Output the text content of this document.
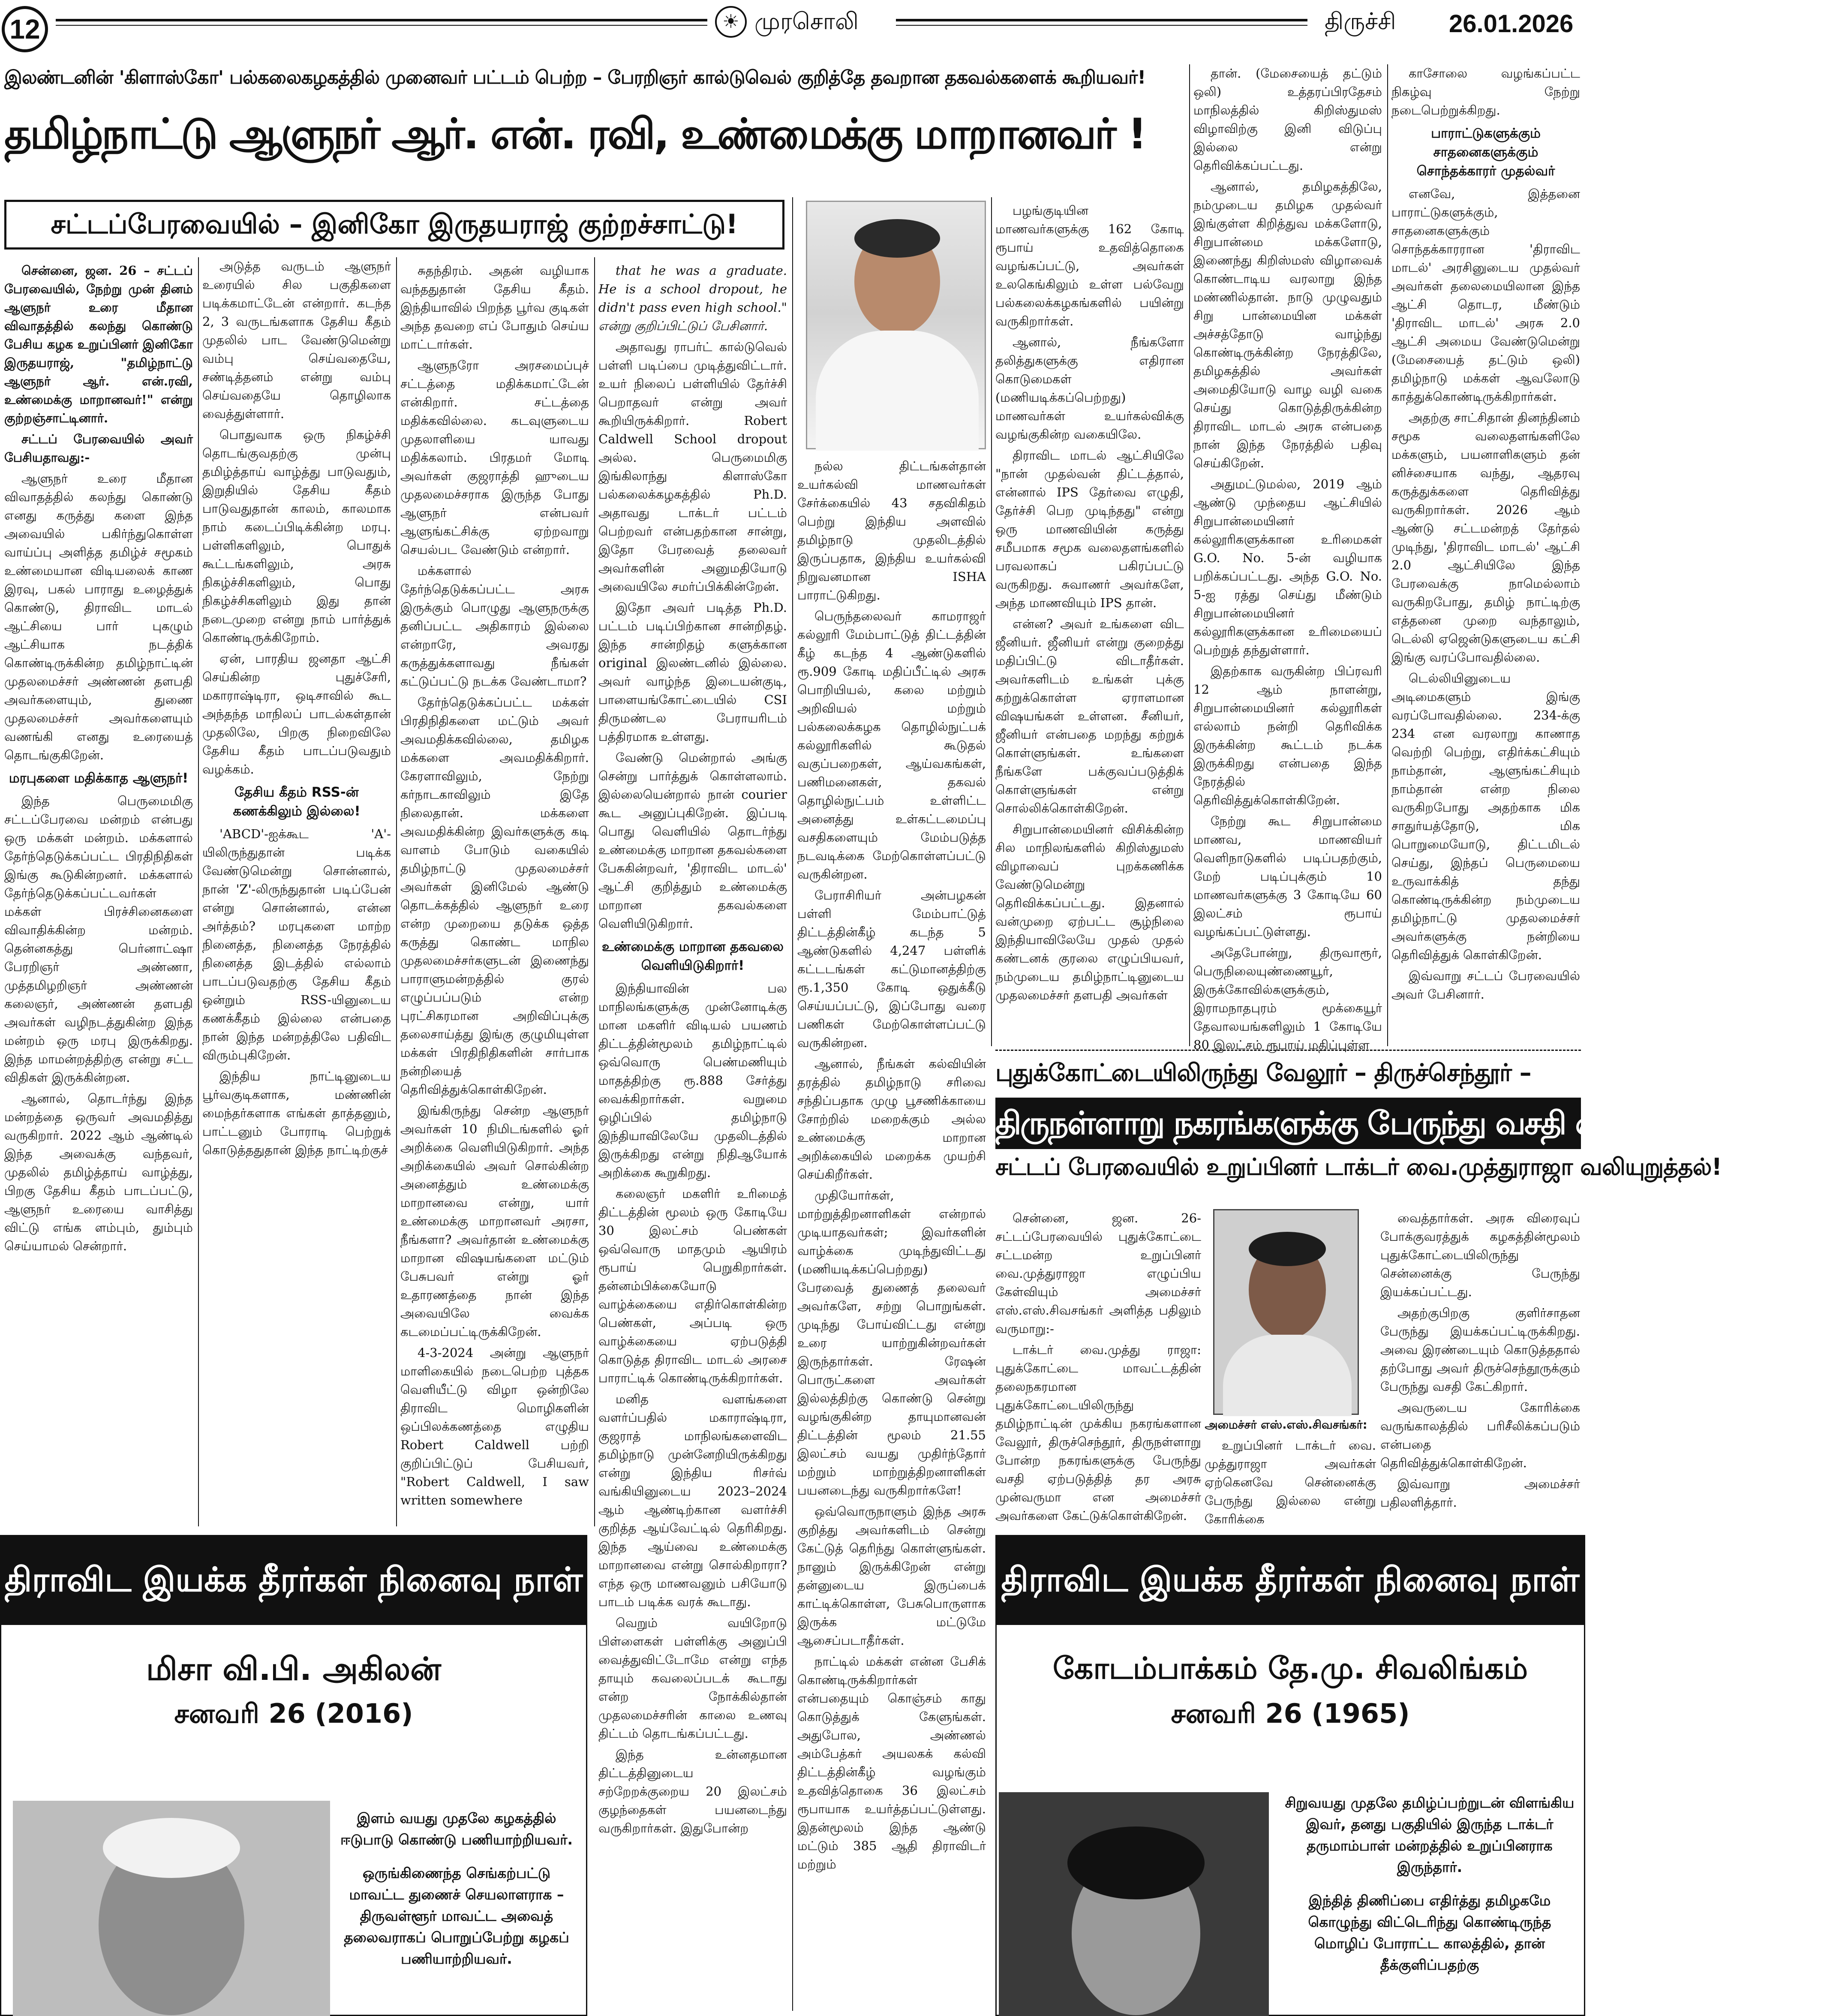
12	☀ முரசொலி	திருச்சி 26.01.2026
இலண்டனின் 'கிளாஸ்கோ' பல்கலைகழகத்தில் முனைவர் பட்டம் பெற்ற – பேரறிஞர் கால்டுவெல் குறித்தே தவறான தகவல்களைக் கூறியவர்!
தமிழ்நாட்டு ஆளுநர் ஆர். என். ரவி, உண்மைக்கு மாறானவர் !
சட்டப்பேரவையில் – இனிகோ இருதயராஜ் குற்றச்சாட்டு!

சென்னை, ஜன. 26 – சட்டப் பேரவையில், நேற்று முன் தினம் ஆளுநர் உரை மீதான விவாதத்தில் கலந்து கொண்டு பேசிய கழக உறுப்பினர் இனிகோ இருதயராஜ், "தமிழ்நாட்டு ஆளுநர் ஆர். என்.ரவி, உண்மைக்கு மாறானவர்!" என்று குற்றஞ்சாட்டினார்.

சட்டப் பேரவையில் அவர் பேசியதாவது:-

ஆளுநர் உரை மீதான விவாதத்தில் கலந்து கொண்டு எனது கருத்து களை இந்த அவையில் பகிர்ந்துகொள்ள வாய்ப்பு அளித்த தமிழ்ச் சமூகம் உண்மையான விடியலைக் காண இரவு, பகல் பாராது உழைத்துக் கொண்டு, திராவிட மாடல் ஆட்சியை பார் புகழும் ஆட்சியாக நடத்திக் கொண்டிருக்கின்ற தமிழ்நாட்டின் முதலமைச்சர் அண்ணன் தளபதி அவர்களையும், துணை முதலமைச்சர் அவர்களையும் வணங்கி எனது உரையைத் தொடங்குகிறேன்.

மரபுகளை மதிக்காத ஆளுநர்!

இந்த பெருமைமிகு சட்டப்பேரவை மன்றம் என்பது ஒரு மக்கள் மன்றம். மக்களால் தேர்ந்தெடுக்கப்பட்ட பிரதிநிதிகள் இங்கு கூடுகின்றனர். மக்களால் தேர்ந்தெடுக்கப்பட்டவர்கள் மக்கள் பிரச்சினைகளை விவாதிக்கின்ற மன்றம். தென்னகத்து பெர்னாட்ஷா பேரறிஞர் அண்ணா, முத்தமிழறிஞர் அண்ணன் கலைஞர், அண்ணன் தளபதி அவர்கள் வழிநடத்துகின்ற இந்த மன்றம் ஒரு மரபு இருக்கிறது. இந்த மாமன்றத்திற்கு என்று சட்ட விதிகள் இருக்கின்றன.

ஆனால், தொடர்ந்து இந்த மன்றத்தை ஒருவர் அவமதித்து வருகிறார். 2022 ஆம் ஆண்டில் இந்த அவைக்கு வந்தவர், முதலில் தமிழ்த்தாய் வாழ்த்து, பிறகு தேசிய கீதம் பாடப்பட்டு, ஆளுநர் உரையை வாசித்து விட்டு எங்க ளம்பும், தும்பும் செய்யாமல் சென்றார்.

அடுத்த வருடம் ஆளுநர் உரையில் சில பகுதிகளை படிக்கமாட்டேன் என்றார். கடந்த 2, 3 வருடங்களாக தேசிய கீதம் முதலில் பாட வேண்டுமென்று வம்பு செய்வதையே, சண்டித்தனம் என்று வம்பு செய்வதையே தொழிலாக வைத்துள்ளார்.

பொதுவாக ஒரு நிகழ்ச்சி தொடங்குவதற்கு முன்பு தமிழ்த்தாய் வாழ்த்து பாடுவதும், இறுதியில் தேசிய கீதம் பாடுவதுதான் காலம், காலமாக நாம் கடைப்பிடிக்கின்ற மரபு. பள்ளிகளிலும், பொதுக் கூட்டங்களிலும், அரசு நிகழ்ச்சிகளிலும், பொது நிகழ்ச்சிகளிலும் இது தான் நடைமுறை என்று நாம் பார்த்துக் கொண்டிருக்கிறோம்.

ஏன், பாரதிய ஜனதா ஆட்சி செய்கின்ற புதுச்சேரி, மகாராஷ்டிரா, ஒடிசாவில் கூட அந்தந்த மாநிலப் பாடல்கள்தான் முதலிலே, பிறகு நிறைவிலே தேசிய கீதம் பாடப்படுவதும் வழக்கம்.

தேசிய கீதம் RSS-ன் கணக்கிலும் இல்லை!

'ABCD'-ஐக்கூட 'A'-யிலிருந்துதான் படிக்க வேண்டுமென்று சொன்னால், நான் 'Z'-லிருந்துதான் படிப்பேன் என்று சொன்னால், என்ன அர்த்தம்? மரபுகளை மாற்ற நினைத்த, நினைத்த நேரத்தில் நினைத்த இடத்தில் எல்லாம் பாடப்படுவதற்கு தேசிய கீதம் ஒன்றும் RSS-யினுடைய கணக்கீதம் இல்லை என்பதை நான் இந்த மன்றத்திலே பதிவிட விரும்புகிறேன்.

இந்திய நாட்டினுடைய பூர்வகுடிகளாக, மண்ணின் மைந்தர்களாக எங்கள் தாத்தனும், பாட்டனும் போராடி பெற்றுக் கொடுத்ததுதான் இந்த நாட்டிற்குச்

சுதந்திரம். அதன் வழியாக வந்ததுதான் தேசிய கீதம். இந்தியாவில் பிறந்த பூர்வ குடிகள் அந்த தவறை எப் போதும் செய்ய மாட்டார்கள்.

ஆளுநரோ அரசமைப்புச் சட்டத்தை மதிக்கமாட்டேன் என்கிறார். சட்டத்தை மதிக்கவில்லை. கடவுளுடைய முதலாளியை யாவது மதிக்கலாம். பிரதமர் மோடி அவர்கள் குஜராத்தி ஹுடைய முதலமைச்சராக இருந்த போது ஆளுநர் என்பவர் ஆளுங்கட்சிக்கு ஏற்றவாறு செயல்பட வேண்டும் என்றார்.

மக்களால் தேர்ந்தெடுக்கப்பட்ட அரசு இருக்கும் பொழுது ஆளுநருக்கு தனிப்பட்ட அதிகாரம் இல்லை என்றாரே, அவரது கருத்துக்களாவது நீங்கள் கட்டுப்பட்டு நடக்க வேண்டாமா?

தேர்ந்தெடுக்கப்பட்ட மக்கள் பிரதிநிதிகளை மட்டும் அவர் அவமதிக்கவில்லை, தமிழக மக்களை அவமதிக்கிறார். கேரளாவிலும், நேற்று கர்நாடகாவிலும் இதே நிலைதான். மக்களை அவமதிக்கின்ற இவர்களுக்கு கடி வாளம் போடும் வகையில் தமிழ்நாட்டு முதலமைச்சர் அவர்கள் இனிமேல் ஆண்டு தொடக்கத்தில் ஆளுநர் உரை என்ற முறையை தடுக்க ஒத்த கருத்து கொண்ட மாநில முதலமைச்சர்களுடன் இணைந்து பாராளுமன்றத்தில் குரல் எழுப்பப்படும் என்ற புரட்சிகரமான அறிவிப்புக்கு தலைசாய்த்து இங்கு குழுமியுள்ள மக்கள் பிரதிநிதிகளின் சார்பாக நன்றியைத் தெரிவித்துக்கொள்கிறேன்.

இங்கிருந்து சென்ற ஆளுநர் அவர்கள் 10 நிமிடங்களில் ஓர் அறிக்கை வெளியிடுகிறார். அந்த அறிக்கையில் அவர் சொல்கின்ற அனைத்தும் உண்மைக்கு மாறானவை என்று, யார் உண்மைக்கு மாறானவர் அரசா, நீங்களா? அவர்தான் உண்மைக்கு மாறான விஷயங்களை மட்டும் பேசுபவர் என்று ஓர் உதாரணத்தை நான் இந்த அவையிலே வைக்க கடமைப்பட்டிருக்கிறேன்.

4-3-2024 அன்று ஆளுநர் மாளிகையில் நடைபெற்ற புத்தக வெளியீட்டு விழா ஒன்றிலே திராவிட மொழிகளின் ஒப்பிலக்கணத்தை எழுதிய Robert Caldwell பற்றி குறிப்பிட்டுப் பேசியவர், "Robert Caldwell, I saw written somewhere

that he was a graduate. He is a school dropout, he didn't pass even high school." என்று குறிப்பிட்டுப் பேசினார்.

அதாவது ராபர்ட் கால்டுவெல் பள்ளி படிப்பை முடித்துவிட்டார். உயர் நிலைப் பள்ளியில் தேர்ச்சி பெறாதவர் என்று அவர் கூறியிருக்கிறார். Robert Caldwell School dropout அல்ல. பெருமைமிகு இங்கிலாந்து கிளாஸ்கோ பல்கலைக்கழகத்தில் Ph.D. அதாவது டாக்டர் பட்டம் பெற்றவர் என்பதற்கான சான்று, இதோ பேரவைத் தலைவர் அவர்களின் அனுமதியோடு அவையிலே சமர்ப்பிக்கின்றேன்.

இதோ அவர் படித்த Ph.D. பட்டம் படிப்பிற்கான சான்றிதழ். இந்த சான்றிதழ் களுக்கான original இலண்டனில் இல்லை. அவர் வாழ்ந்த இடையன்குடி, பாளையங்கோட்டையில் CSI திருமண்டல பேராயரிடம் பத்திரமாக உள்ளது.

வேண்டு மென்றால் அங்கு சென்று பார்த்துக் கொள்ளலாம். இல்லையென்றால் நான் courier கூட அனுப்புகிறேன். இப்படி பொது வெளியில் தொடர்ந்து உண்மைக்கு மாறான தகவல்களை பேசுகின்றவர், 'திராவிட மாடல்' ஆட்சி குறித்தும் உண்மைக்கு மாறான தகவல்களை வெளியிடுகிறார்.

உண்மைக்கு மாறான தகவலை வெளியிடுகிறார்!

இந்தியாவின் பல மாநிலங்களுக்கு முன்னோடிக்கு மான மகளிர் விடியல் பயணம் திட்டத்தின்மூலம் தமிழ்நாட்டில் ஒவ்வொரு பெண்மணியும் மாதத்திற்கு ரூ.888 சேர்த்து வைக்கிறார்கள். வறுமை ஒழிப்பில் தமிழ்நாடு இந்தியாவிலேயே முதலிடத்தில் இருக்கிறது என்று நிதிஆயோக் அறிக்கை கூறுகிறது.

கலைஞர் மகளிர் உரிமைத் திட்டத்தின் மூலம் ஒரு கோடியே 30 இலட்சம் பெண்கள் ஒவ்வொரு மாதமும் ஆயிரம் ரூபாய் பெறுகிறார்கள். தன்னம்பிக்கையோடு வாழ்க்கையை எதிர்கொள்கின்ற பெண்கள், அப்படி ஒரு வாழ்க்கையை ஏற்படுத்தி கொடுத்த திராவிட மாடல் அரசை பாராட்டிக் கொண்டிருக்கிறார்கள்.

மனித வளங்களை வளர்ப்பதில் மகாராஷ்டிரா, குஜராத் மாநிலங்களைவிட தமிழ்நாடு முன்னேறியிருக்கிறது என்று இந்திய ரிசர்வ் வங்கியினுடைய 2023–2024 ஆம் ஆண்டிற்கான வளர்ச்சி குறித்த ஆய்வேட்டில் தெரிகிறது. இந்த ஆய்வை உண்மைக்கு மாறானவை என்று சொல்கிறாரா? எந்த ஒரு மாணவனும் பசியோடு பாடம் படிக்க வரக் கூடாது.

வெறும் வயிறோடு பிள்ளைகள் பள்ளிக்கு அனுப்பி வைத்துவிட்டோமே என்று எந்த தாயும் கவலைப்படக் கூடாது என்ற நோக்கில்தான் முதலமைச்சரின் காலை உணவு திட்டம் தொடங்கப்பட்டது.

இந்த உன்னதமான திட்டத்தினுடைய சற்றேறக்குறைய 20 இலட்சம் குழந்தைகள் பயனடைந்து வருகிறார்கள். இதுபோன்ற

நல்ல திட்டங்கள்தான் உயர்கல்வி மாணவர்கள் சேர்க்கையில் 43 சதவிகிதம் பெற்று இந்திய அளவில் தமிழ்நாடு முதலிடத்தில் இருப்பதாக, இந்திய உயர்கல்வி நிறுவனமான ISHA பாராட்டுகிறது.

பெருந்தலைவர் காமராஜர் கல்லூரி மேம்பாட்டுத் திட்டத்தின் கீழ் கடந்த 4 ஆண்டுகளில் ரூ.909 கோடி மதிப்பீட்டில் அரசு பொறியியல், கலை மற்றும் அறிவியல் மற்றும் பல்கலைக்கழக தொழில்நுட்பக் கல்லூரிகளில் கூடுதல் வகுப்பறைகள், ஆய்வகங்கள், பணிமனைகள், தகவல் தொழில்நுட்பம் உள்ளிட்ட அனைத்து உள்கட்டமைப்பு வசதிகளையும் மேம்படுத்த நடவடிக்கை மேற்கொள்ளப்பட்டு வருகின்றன.

பேராசிரியர் அன்பழகன் பள்ளி மேம்பாட்டுத் திட்டத்தின்கீழ் கடந்த 5 ஆண்டுகளில் 4,247 பள்ளிக் கட்டடங்கள் கட்டுமானத்திற்கு ரூ.1,350 கோடி ஒதுக்கீடு செய்யப்பட்டு, இப்போது வரை பணிகள் மேற்கொள்ளப்பட்டு வருகின்றன.

ஆனால், நீங்கள் கல்வியின் தரத்தில் தமிழ்நாடு சரிவை சந்திப்பதாக முழு பூசணிக்காயை சோற்றில் மறைக்கும் அல்ல உண்மைக்கு மாறான அறிக்கையில் மறைக்க முயற்சி செய்கிறீர்கள்.

முதியோர்கள், மாற்றுத்திறனாளிகள் என்றால் முடியாதவர்கள்; இவர்களின் வாழ்க்கை முடிந்துவிட்டது (மணியடிக்கப்பெற்றது) பேரவைத் துணைத் தலைவர் அவர்களே, சற்று பொறுங்கள். முடிந்து போய்விட்டது என்று உரை யாற்றுகின்றவர்கள் இருந்தார்கள். ரேஷன் பொருட்களை அவர்கள் இல்லத்திற்கு கொண்டு சென்று வழங்குகின்ற தாயுமானவன் திட்டத்தின் மூலம் 21.55 இலட்சம் வயது முதிர்ந்தோர் மற்றும் மாற்றுத்திறனாளிகள் பயனடைந்து வருகிறார்களே!

ஒவ்வொருநாளும் இந்த அரசு குறித்து அவர்களிடம் சென்று கேட்டுத் தெரிந்து கொள்ளுங்கள். நானும் இருக்கிறேன் என்று தன்னுடைய இருப்பைக் காட்டிக்கொள்ள, பேசுபொருளாக இருக்க மட்டுமே ஆசைப்படாதீர்கள்.

நாட்டில் மக்கள் என்ன பேசிக் கொண்டிருக்கிறார்கள் என்பதையும் கொஞ்சம் காது கொடுத்துக் கேளுங்கள். அதுபோல, அண்ணல் அம்பேத்கர் அயலகக் கல்வி திட்டத்தின்கீழ் வழங்கும் உதவித்தொகை 36 இலட்சம் ரூபாயாக உயர்த்தப்பட்டுள்ளது. இதன்மூலம் இந்த ஆண்டு மட்டும் 385 ஆதி திராவிடர் மற்றும்

பழங்குடியின மாணவர்களுக்கு 162 கோடி ரூபாய் உதவித்தொகை வழங்கப்பட்டு, அவர்கள் உலகெங்கிலும் உள்ள பல்வேறு பல்கலைக்கழகங்களில் பயின்று வருகிறார்கள்.

ஆனால், நீங்களோ தலித்துகளுக்கு எதிரான கொடுமைகள் (மணியடிக்கப்பெற்றது) மாணவர்கள் உயர்கல்விக்கு வழங்குகின்ற வகையிலே.

திராவிட மாடல் ஆட்சியிலே "நான் முதல்வன் திட்டத்தால், என்னால் IPS தேர்வை எழுதி, தேர்ச்சி பெற முடிந்தது" என்று ஒரு மாணவியின் கருத்து சமீபமாக சமூக வலைதளங்களில் பரவலாகப் பகிரப்பட்டு வருகிறது. சுவாணர் அவர்களே, அந்த மாணவியும் IPS தான்.

என்ன? அவர் உங்களை விட ஜீனியர். ஜீனியர் என்று குறைத்து மதிப்பிட்டு விடாதீர்கள். அவர்களிடம் உங்கள் புக்கு கற்றுக்கொள்ள ஏராளமான விஷயங்கள் உள்ளன. சீனியர், ஜீனியர் என்பதை மறந்து கற்றுக் கொள்ளுங்கள். உங்களை நீங்களே பக்குவப்படுத்திக் கொள்ளுங்கள் என்று சொல்லிக்கொள்கிறேன்.

சிறுபான்மையினர் விசிக்கின்ற சில மாநிலங்களில் கிறிஸ்துமஸ் விழாவைப் புறக்கணிக்க வேண்டுமென்று தெரிவிக்கப்பட்டது. இதனால் வன்முறை ஏற்பட்ட சூழ்நிலை இந்தியாவிலேயே முதல் முதல் கண்டனக் குரலை எழுப்பியவர், நம்முடைய தமிழ்நாட்டினுடைய முதலமைச்சர் தளபதி அவர்கள்

தான். (மேசையைத் தட்டும் ஒலி) உத்தரப்பிரதேசம் மாநிலத்தில் கிறிஸ்துமஸ் விழாவிற்கு இனி விடுப்பு இல்லை என்று தெரிவிக்கப்பட்டது.

ஆனால், தமிழகத்திலே, நம்முடைய தமிழக முதல்வர் இங்குள்ள கிறித்துவ மக்களோடு, சிறுபான்மை மக்களோடு, இணைந்து கிறிஸ்மஸ் விழாவைக் கொண்டாடிய வரலாறு இந்த மண்ணில்தான். நாடு முழுவதும் சிறு பான்மையின மக்கள் அச்சத்தோடு வாழ்ந்து கொண்டிருக்கின்ற நேரத்திலே, தமிழகத்தில் அவர்கள் அமைதியோடு வாழ வழி வகை செய்து கொடுத்திருக்கின்ற திராவிட மாடல் அரசு என்பதை நான் இந்த நேரத்தில் பதிவு செய்கிறேன்.

அதுமட்டுமல்ல, 2019 ஆம் ஆண்டு முந்தைய ஆட்சியில் சிறுபான்மையினர் கல்லூரிகளுக்கான உரிமைகள் G.O. No. 5-ன் வழியாக பறிக்கப்பட்டது. அந்த G.O. No. 5-ஐ ரத்து செய்து மீண்டும் சிறுபான்மையினர் கல்லூரிகளுக்கான உரிமையைப் பெற்றுத் தந்துள்ளார்.

இதற்காக வருகின்ற பிப்ரவரி 12 ஆம் நாளன்று, சிறுபான்மையினர் கல்லூரிகள் எல்லாம் நன்றி தெரிவிக்க இருக்கின்ற கூட்டம் நடக்க இருக்கிறது என்பதை இந்த நேரத்தில் தெரிவித்துக்கொள்கிறேன்.

நேற்று கூட சிறுபான்மை மாணவ, மாணவியர் வெளிநாடுகளில் படிப்பதற்கும், மேற் படிப்புக்கும் 10 மாணவர்களுக்கு 3 கோடியே 60 இலட்சம் ரூபாய் வழங்கப்பட்டுள்ளது.

அதேபோன்று, திருவாரூர், பெருநிலையுண்ணையூர், இருக்கோவில்களுக்கும், இராமநாதபுரம் மூக்கையூர் தேவாலயங்களிலும் 1 கோடியே 80 இலட்சம் ரூபாய் மதிப்புள்ள

காசோலை வழங்கப்பட்ட நிகழ்வு நேற்று நடைபெற்றுக்கிறது.

பாராட்டுகளுக்கும் சாதனைகளுக்கும் சொந்தக்காரர் முதல்வர்

எனவே, இத்தனை பாராட்டுகளுக்கும், சாதனைகளுக்கும் சொந்தக்காரரான 'திராவிட மாடல்' அரசினுடைய முதல்வர் அவர்கள் தலைமையிலான இந்த ஆட்சி தொடர, மீண்டும் 'திராவிட மாடல்' அரசு 2.0 ஆட்சி அமைய வேண்டுமென்று (மேசையைத் தட்டும் ஒலி) தமிழ்நாடு மக்கள் ஆவலோடு காத்துக்கொண்டிருக்கிறார்கள்.

அதற்கு சாட்சிதான் தினந்தினம் சமூக வலைதளங்களிலே மக்களும், பயனாளிகளும் தன் னிச்சையாக வந்து, ஆதரவு கருத்துக்களை தெரிவித்து வருகிறார்கள். 2026 ஆம் ஆண்டு சட்டமன்றத் தேர்தல் முடிந்து, 'திராவிட மாடல்' ஆட்சி 2.0 ஆட்சியிலே இந்த பேரவைக்கு நாமெல்லாம் வருகிறபோது, தமிழ் நாட்டிற்கு எத்தனை முறை வந்தாலும், டெல்லி ஏஜென்டுகளுடைய கட்சி இங்கு வரப்போவதில்லை.

டெல்லியினுடைய அடிமைகளும் இங்கு வரப்போவதில்லை. 234-க்கு 234 என வரலாறு காணாத வெற்றி பெற்று, எதிர்க்கட்சியும் நாம்தான், ஆளுங்கட்சியும் நாம்தான் என்ற நிலை வருகிறபோது அதற்காக மிக சாதுர்யத்தோடு, மிக பொறுமையோடு, திட்டமிடல் செய்து, இந்தப் பெருமையை உருவாக்கித் தந்து கொண்டிருக்கின்ற நம்முடைய தமிழ்நாட்டு முதலமைச்சர் அவர்களுக்கு நன்றியை தெரிவித்துக் கொள்கிறேன்.

இவ்வாறு சட்டப் பேரவையில் அவர் பேசினார்.

புதுக்கோட்டையிலிருந்து வேலூர் – திருச்செந்தூர் –
திருநள்ளாறு நகரங்களுக்கு பேருந்து வசதி ஏற்படுத்தித் தாரீர்!
சட்டப் பேரவையில் உறுப்பினர் டாக்டர் வை.முத்துராஜா வலியுறுத்தல்!

சென்னை, ஜன. 26- சட்டப்பேரவையில் புதுக்கோட்டை சட்டமன்ற உறுப்பினர் வை.முத்துராஜா எழுப்பிய கேள்வியும் அமைச்சர் எஸ்.எஸ்.சிவசங்கர் அளித்த பதிலும் வருமாறு:-

டாக்டர் வை.முத்து ராஜா: புதுக்கோட்டை மாவட்டத்தின் தலைநகரமான புதுக்கோட்டையிலிருந்து தமிழ்நாட்டின் முக்கிய நகரங்களான வேலூர், திருச்செந்தூர், திருநள்ளாறு போன்ற நகரங்களுக்கு பேருந்து வசதி ஏற்படுத்தித் தர அரசு முன்வருமா என அமைச்சர் அவர்களை கேட்டுக்கொள்கிறேன்.

அமைச்சர் எஸ்.எஸ்.சிவசங்கர்:

உறுப்பினர் டாக்டர் வை. முத்துராஜா அவர்கள் ஏற்கெனவே சென்னைக்கு பேருந்து இல்லை என்று கோரிக்கை

வைத்தார்கள். அரசு விரைவுப் போக்குவரத்துக் கழகத்தின்மூலம் புதுக்கோட்டையிலிருந்து சென்னைக்கு பேருந்து இயக்கப்பட்டது.

அதற்குபிறகு குளிர்சாதன பேருந்து இயக்கப்பட்டிருக்கிறது. அவை இரண்டையும் கொடுத்ததால் தற்போது அவர் திருச்செந்தூருக்கும் பேருந்து வசதி கேட்கிறார்.

அவருடைய கோரிக்கை வருங்காலத்தில் பரிசீலிக்கப்படும் என்பதை தெரிவித்துக்கொள்கிறேன்.

இவ்வாறு அமைச்சர் பதிலளித்தார்.

திராவிட இயக்க தீரர்கள் நினைவு நாள்
மிசா வி.பி. அகிலன்
சனவரி 26 (2016)

இளம் வயது முதலே கழகத்தில் ஈடுபாடு கொண்டு பணியாற்றியவர்.

ஒருங்கிணைந்த செங்கற்பட்டு மாவட்ட துணைச் செயலாளராக – திருவள்ளூர் மாவட்ட அவைத் தலைவராகப் பொறுப்பேற்று கழகப் பணியாற்றியவர்.

திராவிட இயக்க தீரர்கள் நினைவு நாள்
கோடம்பாக்கம் தே.மு. சிவலிங்கம்
சனவரி 26 (1965)

சிறுவயது முதலே தமிழ்ப்பற்றுடன் விளங்கிய இவர், தனது பகுதியில் இருந்த டாக்டர் தருமாம்பாள் மன்றத்தில் உறுப்பினராக இருந்தார்.

இந்தித் திணிப்பை எதிர்த்து தமிழகமே கொழுந்து விட்டெரிந்து கொண்டிருந்த மொழிப் போராட்ட காலத்தில், தான் தீக்குளிப்பதற்கு
